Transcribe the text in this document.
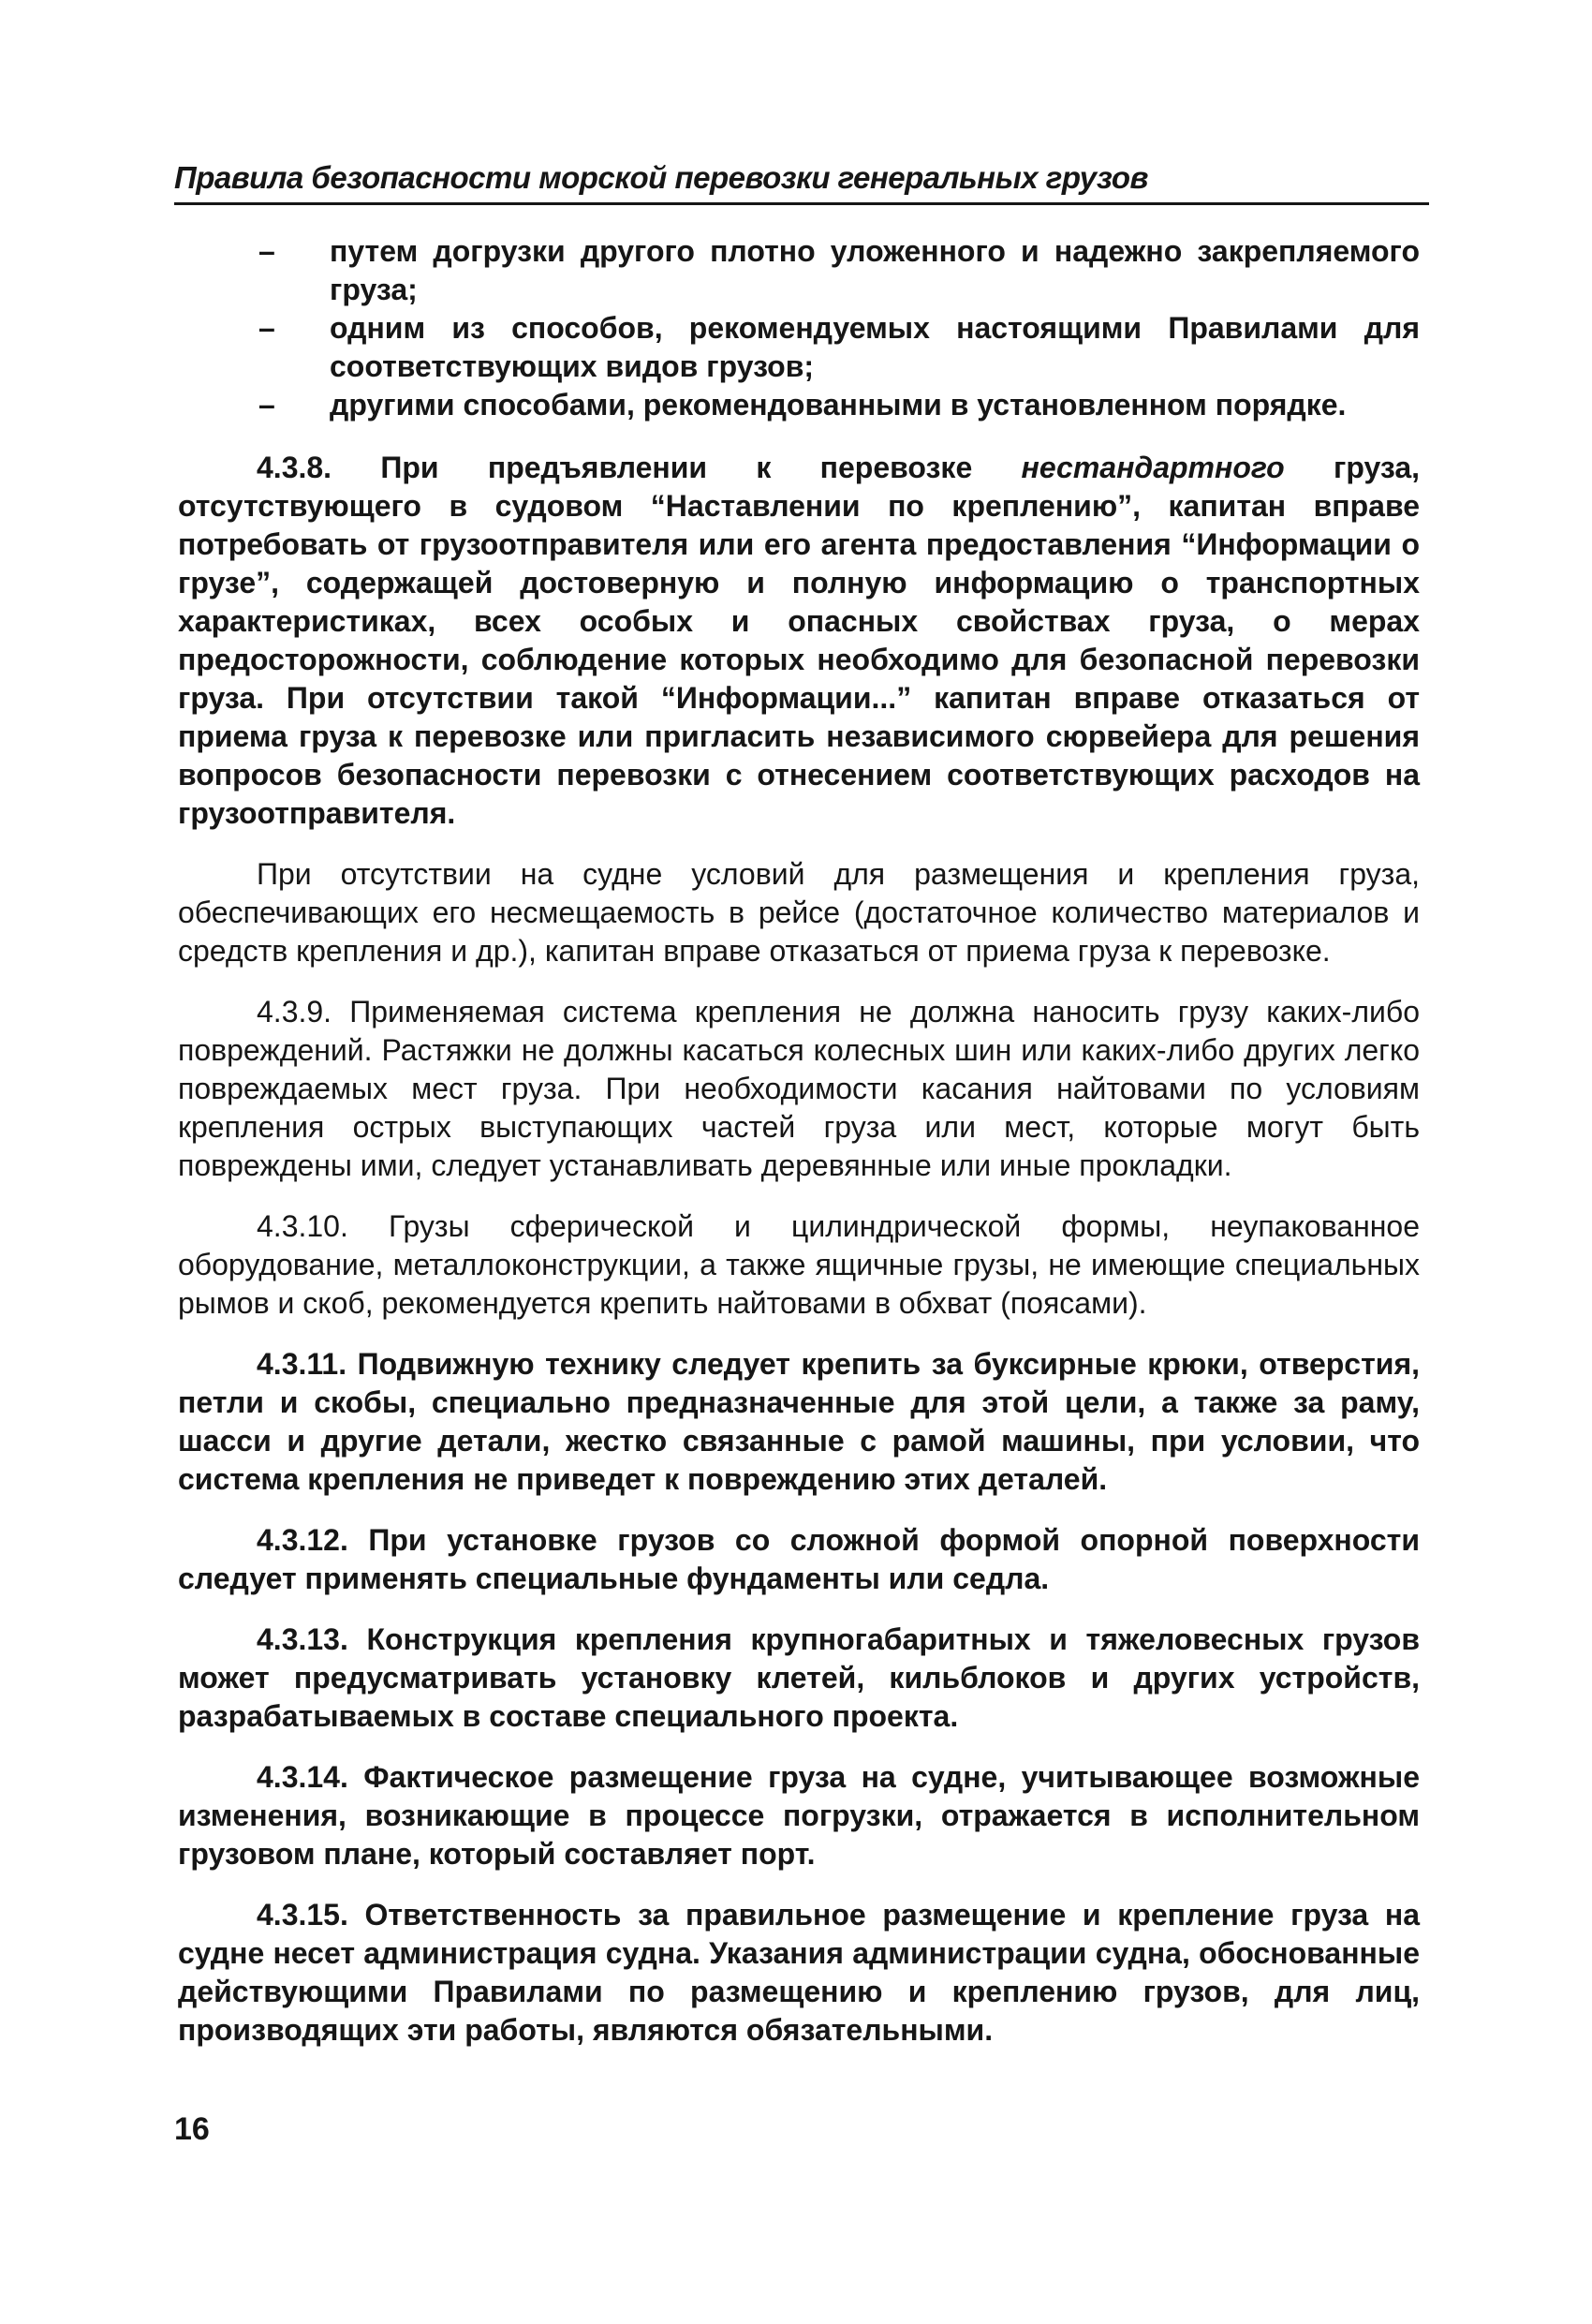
Правила безопасности морской перевозки генеральных грузов
– путем догрузки другого плотно уложенного и надежно закрепляемого груза;
– одним из способов, рекомендуемых настоящими Правилами для соответствующих видов грузов;
– другими способами, рекомендованными в установленном порядке.

4.3.8. При предъявлении к перевозке нестандартного груза, отсутствующего в судовом “Наставлении по креплению”, капитан вправе потребовать от грузоотправителя или его агента предоставления “Информации о грузе”, содержащей достоверную и полную информацию о транспортных характеристиках, всех особых и опасных свойствах груза, о мерах предосторожности, соблюдение которых необходимо для безопасной перевозки груза. При отсутствии такой “Информации...” капитан вправе отказаться от приема груза к перевозке или пригласить независимого сюрвейера для решения вопросов безопасности перевозки с отнесением соответствующих расходов на грузоотправителя.

При отсутствии на судне условий для размещения и крепления груза, обеспечивающих его несмещаемость в рейсе (достаточное количество материалов и средств крепления и др.), капитан вправе отказаться от приема груза к перевозке.

4.3.9. Применяемая система крепления не должна наносить грузу каких-либо повреждений. Растяжки не должны касаться колесных шин или каких-либо других легко повреждаемых мест груза. При необходимости касания найтовами по условиям крепления острых выступающих частей груза или мест, которые могут быть повреждены ими, следует устанавливать деревянные или иные прокладки.

4.3.10. Грузы сферической и цилиндрической формы, неупакованное оборудование, металлоконструкции, а также ящичные грузы, не имеющие специальных рымов и скоб, рекомендуется крепить найтовами в обхват (поясами).

4.3.11. Подвижную технику следует крепить за буксирные крюки, отверстия, петли и скобы, специально предназначенные для этой цели, а также за раму, шасси и другие детали, жестко связанные с рамой машины, при условии, что система крепления не приведет к повреждению этих деталей.

4.3.12. При установке грузов со сложной формой опорной поверхности следует применять специальные фундаменты или седла.

4.3.13. Конструкция крепления крупногабаритных и тяжеловесных грузов может предусматривать установку клетей, кильблоков и других устройств, разрабатываемых в составе специального проекта.

4.3.14. Фактическое размещение груза на судне, учитывающее возможные изменения, возникающие в процессе погрузки, отражается в исполнительном грузовом плане, который составляет порт.

4.3.15. Ответственность за правильное размещение и крепление груза на судне несет администрация судна. Указания администрации судна, обоснованные действующими Правилами по размещению и креплению грузов, для лиц, производящих эти работы, являются обязательными.

16
